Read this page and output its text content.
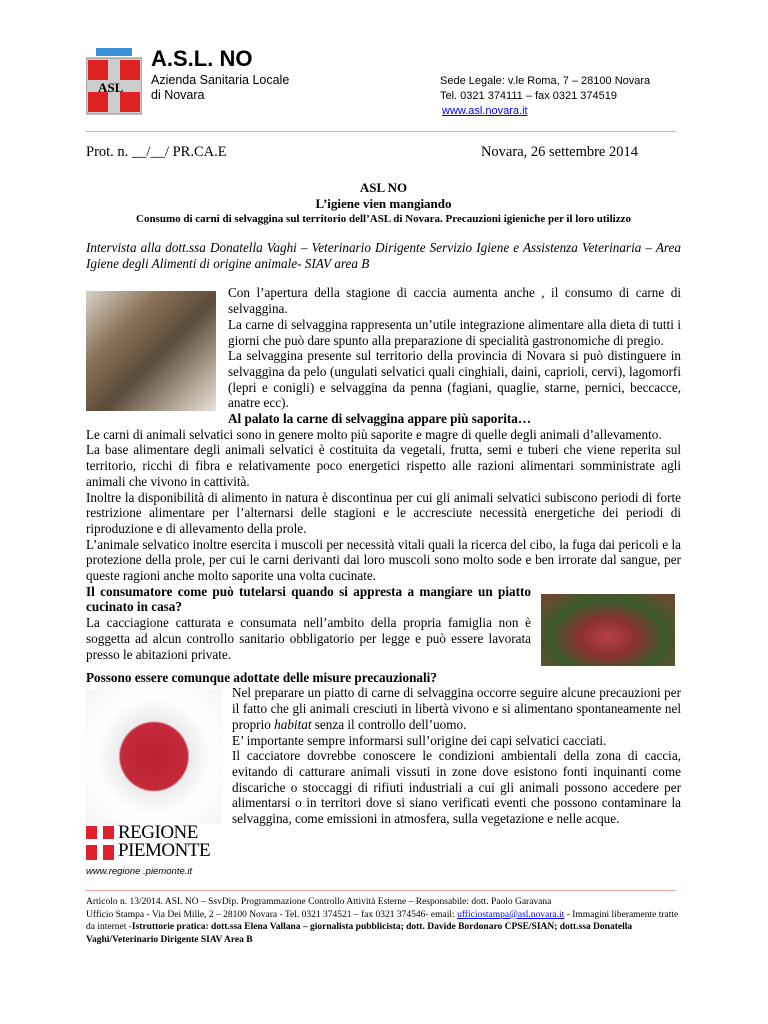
ASL
A.S.L. NO
Azienda Sanitaria Locale
di Novara
Sede Legale: v.le Roma, 7 – 28100 Novara
Tel. 0321 374111 – fax 0321 374519
www.asl.novara.it
Prot. n. __/__/ PR.CA.E	Novara, 26 settembre 2014
ASL NO
L’igiene vien mangiando
Consumo di carni di selvaggina sul territorio dell’ASL di Novara. Precauzioni igieniche per il loro utilizzo

Intervista alla dott.ssa Donatella Vaghi – Veterinario Dirigente Servizio Igiene e Assistenza Veterinaria – Area Igiene degli Alimenti di origine animale- SIAV area B

Con l’apertura della stagione di caccia aumenta anche , il consumo di carne di selvaggina.

La carne di selvaggina rappresenta un’utile integrazione alimentare alla dieta di tutti i giorni che può dare spunto alla preparazione di specialità gastronomiche di pregio.

La selvaggina presente sul territorio della provincia di Novara si può distinguere in selvaggina da pelo (ungulati selvatici quali cinghiali, daini, caprioli, cervi), lagomorfi (lepri e conigli) e selvaggina da penna (fagiani, quaglie, starne, pernici, beccacce, anatre ecc).

Al palato la carne di selvaggina appare più saporita…

Le carni di animali selvatici sono in genere molto più saporite e magre di quelle degli animali d’allevamento.

La base alimentare degli animali selvatici è costituita da vegetali, frutta, semi e tuberi che viene reperita sul territorio, ricchi di fibra e relativamente poco energetici rispetto alle razioni alimentari somministrate agli animali che vivono in cattività.

Inoltre la disponibilità di alimento in natura è discontinua per cui gli animali selvatici subiscono periodi di forte restrizione alimentare per l’alternarsi delle stagioni e le accresciute necessità energetiche dei periodi di riproduzione e di allevamento della prole.

L’animale selvatico inoltre esercita i muscoli per necessità vitali quali la ricerca del cibo, la fuga dai pericoli e la protezione della prole, per cui le carni derivanti dai loro muscoli sono molto sode e ben irrorate dal sangue, per queste ragioni anche molto saporite una volta cucinate.

Il consumatore come può tutelarsi quando si appresta a mangiare un piatto cucinato in casa?

La cacciagione catturata e consumata nell’ambito della propria famiglia non è soggetta ad alcun controllo sanitario obbligatorio per legge e può essere lavorata presso le abitazioni private.

Possono essere comunque adottate delle misure precauzionali?

Nel preparare un piatto di carne di selvaggina occorre seguire alcune precauzioni per il fatto che gli animali cresciuti in libertà vivono e si alimentano spontaneamente nel proprio habitat senza il controllo dell’uomo.

E’ importante sempre informarsi sull’origine dei capi selvatici cacciati.

Il cacciatore dovrebbe conoscere le condizioni ambientali della zona di caccia, evitando di catturare animali vissuti in zone dove esistono fonti inquinanti come discariche o stoccaggi di rifiuti industriali a cui gli animali possono accedere per alimentarsi o in territori dove si siano verificati eventi che possono contaminare la selvaggina, come emissioni in atmosfera, sulla vegetazione e nelle acque.

REGIONE
PIEMONTE
www.regione .piemonte.it
Articolo n. 13/2014. ASL NO – SsvDip. Programmazione Controllo Attività Esterne – Responsabile: dott. Paolo Garavana
Ufficio Stampa - Via Dei Mille, 2 – 28100 Novara - Tel. 0321 374521 – fax 0321 374546- email: ufficiostampa@asl.novara.it - Immagini liberamente tratte da internet -Istruttorie pratica: dott.ssa Elena Vallana – giornalista pubblicista; dott. Davide Bordonaro CPSE/SIAN; dott.ssa Donatella Vaghi/Veterinario Dirigente SIAV Area B
